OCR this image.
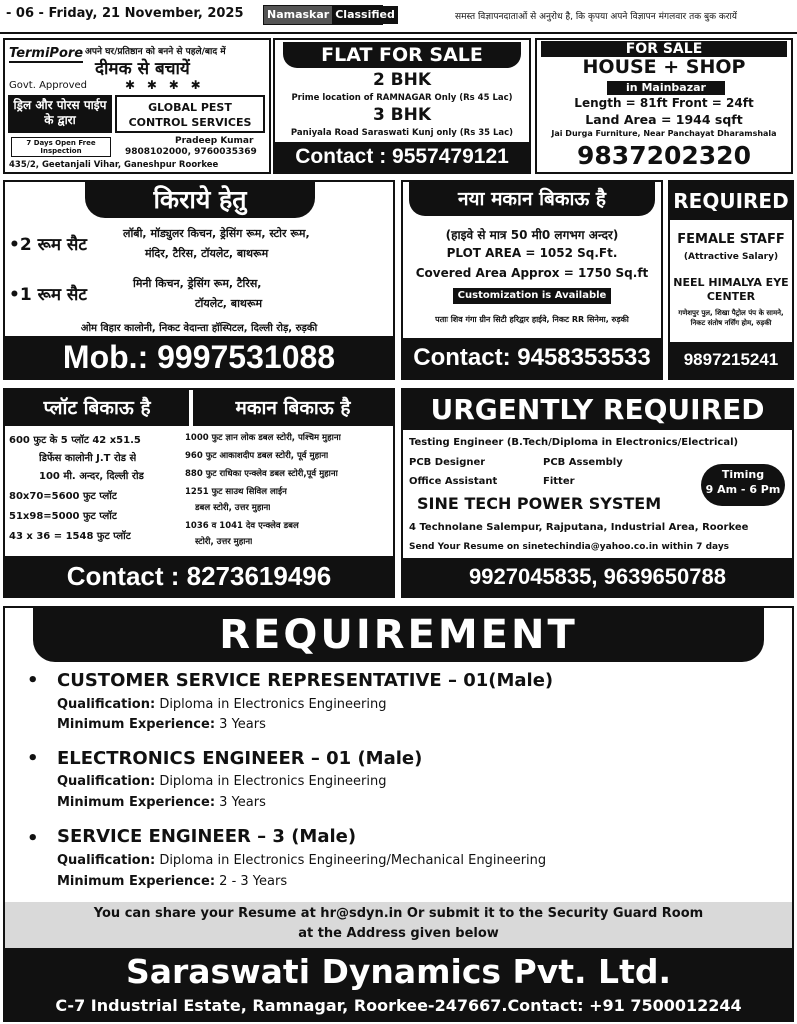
- 06 - Friday, 21 November, 2025 Namaskar Classified	समस्त विज्ञापनदाताओं से अनुरोध है, कि कृपया अपने विज्ञापन मंगलवार तक बुक करायें
TermiPore अपने घर/प्रतिष्ठान को बनने से पहले/बाद में
दीमक से बचायें
✱ ✱ ✱ ✱
Govt. Approved
ड्रिल और पोरस पाईप के द्वारा
GLOBAL PEST CONTROL SERVICES
7 Days Open Free Inspection
Pradeep Kumar
9808102000, 9760035369
435/2, Geetanjali Vihar, Ganeshpur Roorkee
FLAT FOR SALE
2 BHK
Prime location of RAMNAGAR Only (Rs 45 Lac)
3 BHK
Paniyala Road Saraswati Kunj only (Rs 35 Lac)
Contact : 9557479121
FOR SALE
HOUSE + SHOP
in Mainbazar
Length = 81ft Front = 24ft
Land Area = 1944 sqft
Jai Durga Furniture, Near Panchayat Dharamshala
9837202320
किराये हेतु
•2 रूम सैट
लॉबी, मॉड्युलर किचन, ड्रेसिंग रूम, स्टोर रूम,
मंदिर, टैरिस, टॉयलेट, बाथरूम
•1 रूम सैट
मिनी किचन, ड्रेसिंग रूम, टैरिस,
टॉयलेट, बाथरूम
ओम विहार कालोनी, निकट वेदान्ता हॉस्पिटल, दिल्ली रोड़, रुड़की
Mob.: 9997531088
नया मकान बिकाऊ है
(हाइवे से मात्र 50 मी0 लगभग अन्दर)
PLOT AREA = 1052 Sq.Ft.
Covered Area Approx = 1750 Sq.ft
Customization is Available
पताः शिव गंगा ग्रीन सिटी हरिद्वार हाईवे, निकट RR सिनेमा, रुड़की
Contact: 9458353533
REQUIRED
FEMALE STAFF
(Attractive Salary)
NEEL HIMALYA EYE CENTER
गणेशपुर पुल, शिखा पैट्रोल पंप के सामने, निकट संतोष नर्सिंग होम, रुड़की
9897215241
प्लॉट बिकाऊ है	मकान बिकाऊ है
600 फुट के 5 प्लॉट 42 x51.5
डिफेंस कालोनी J.T रोड से
100 मी. अन्दर, दिल्ली रोड
80x70=5600 फुट प्लॉट
51x98=5000 फुट प्लॉट
43 x 36 = 1548 फुट प्लॉट
1000 फुट ज्ञान लोक डबल स्टोरी, पश्चिम मुहाना
960 फुट आकाशदीप डबल स्टोरी, पूर्व मुहाना
880 फुट राधिका एन्क्लेव डबल स्टोरी,पूर्व मुहाना
1251 फुट साउथ सिविल लाईन
डबल स्टोरी, उत्तर मुहाना
1036 व 1041 देव एन्क्लेव डबल
स्टोरी, उत्तर मुहाना
Contact : 8273619496
URGENTLY REQUIRED
Testing Engineer (B.Tech/Diploma in Electronics/Electrical)
PCB Designer	PCB Assembly
Office Assistant	Fitter
Timing
9 Am - 6 Pm
SINE TECH POWER SYSTEM
4 Technolane Salempur, Rajputana, Industrial Area, Roorkee
Send Your Resume on sinetechindia@yahoo.co.in within 7 days
9927045835, 9639650788
REQUIREMENT
• CUSTOMER SERVICE REPRESENTATIVE – 01(Male)
Qualification: Diploma in Electronics Engineering
Minimum Experience: 3 Years
• ELECTRONICS ENGINEER – 01 (Male)
Qualification: Diploma in Electronics Engineering
Minimum Experience: 3 Years
• SERVICE ENGINEER – 3 (Male)
Qualification: Diploma in Electronics Engineering/Mechanical Engineering
Minimum Experience: 2 - 3 Years
You can share your Resume at hr@sdyn.in Or submit it to the Security Guard Room
at the Address given below
Saraswati Dynamics Pvt. Ltd.
C-7 Industrial Estate, Ramnagar, Roorkee-247667.Contact: +91 7500012244
